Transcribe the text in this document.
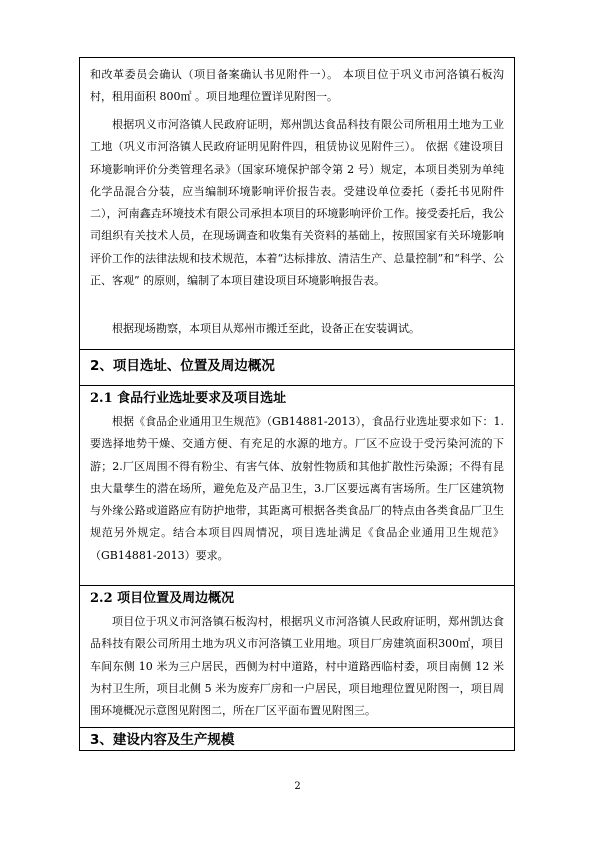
和改革委员会确认（项目备案确认书见附件一）。 本项目位于巩义市河洛镇石板沟村，租用面积 800㎡ 。项目地理位置详见附图一。

根据巩义市河洛镇人民政府证明，郑州凯达食品科技有限公司所租用土地为工业工地（巩义市河洛镇人民政府证明见附件四，租赁协议见附件三）。 依据《建设项目环境影响评价分类管理名录》（国家环境保护部令第 2 号）规定，本项目类别为单纯化学品混合分装，应当编制环境影响评价报告表。受建设单位委托（委托书见附件二），河南鑫垚环境技术有限公司承担本项目的环境影响评价工作。接受委托后，我公司组织有关技术人员，在现场调查和收集有关资料的基础上，按照国家有关环境影响评价工作的法律法规和技术规范，本着“达标排放、清洁生产、总量控制”和“科学、公正、客观” 的原则，编制了本项目建设项目环境影响报告表。

根据现场勘察，本项目从郑州市搬迁至此，设备正在安装调试。

2、项目选址、位置及周边概况
2.1 食品行业选址要求及项目选址

根据《食品企业通用卫生规范》（GB14881-2013），食品行业选址要求如下：1.要选择地势干燥、交通方便、有充足的水源的地方。厂区不应设于受污染河流的下游；2.厂区周围不得有粉尘、有害气体、放射性物质和其他扩散性污染源；不得有昆虫大量孳生的潜在场所，避免危及产品卫生，3.厂区要远离有害场所。生厂区建筑物与外缘公路或道路应有防护地带，其距离可根据各类食品厂的特点由各类食品厂卫生规范另外规定。结合本项目四周情况，项目选址满足《食品企业通用卫生规范》（GB14881-2013）要求。

2.2 项目位置及周边概况

项目位于巩义市河洛镇石板沟村，根据巩义市河洛镇人民政府证明，郑州凯达食品科技有限公司所用土地为巩义市河洛镇工业用地。项目厂房建筑面积300㎡，项目车间东侧 10 米为三户居民，西侧为村中道路，村中道路西临村委，项目南侧 12 米为村卫生所，项目北侧 5 米为废弃厂房和一户居民，项目地理位置见附图一，项目周围环境概况示意图见附图二，所在厂区平面布置见附图三。

3、建设内容及生产规模
2
